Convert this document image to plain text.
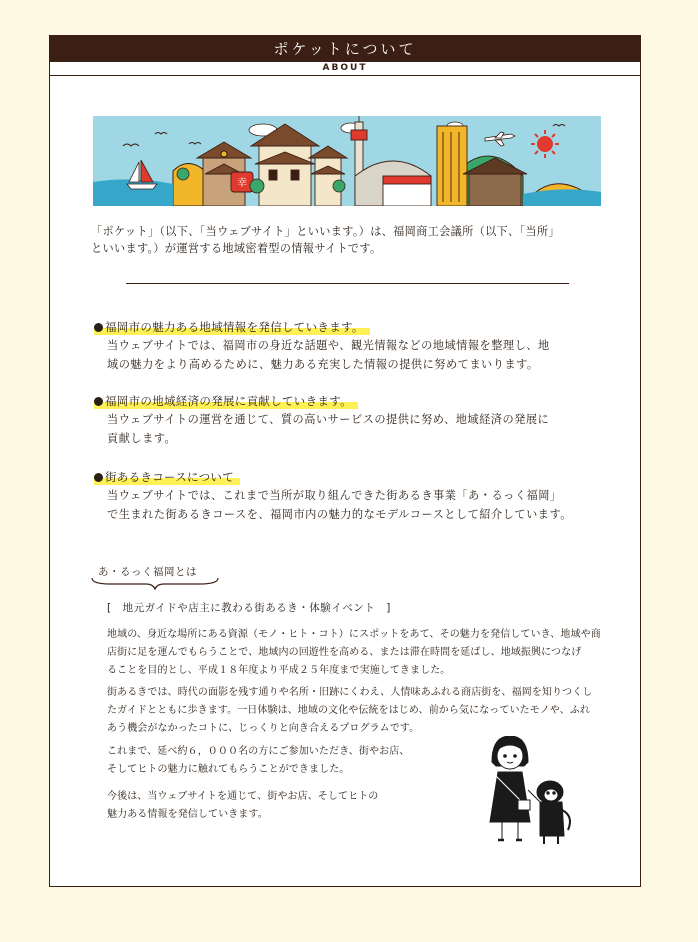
ポケットについて
ABOUT
幸
「ポケット」（以下、「当ウェブサイト」といいます。）は、福岡商工会議所（以下、「当所」
といいます。）が運営する地域密着型の情報サイトです。
福岡市の魅力ある地域情報を発信していきます。
当ウェブサイトでは、福岡市の身近な話題や、観光情報などの地域情報を整理し、地
域の魅力をより高めるために、魅力ある充実した情報の提供に努めてまいります。
福岡市の地域経済の発展に貢献していきます。
当ウェブサイトの運営を通じて、質の高いサービスの提供に努め、地域経済の発展に
貢献します。
街あるきコースについて
当ウェブサイトでは、これまで当所が取り組んできた街あるき事業「あ・るっく福岡」
で生まれた街あるきコースを、福岡市内の魅力的なモデルコースとして紹介しています。
あ・るっく福岡とは
[　地元ガイドや店主に教わる街あるき・体験イベント　]
地域の、身近な場所にある資源（モノ・ヒト・コト）にスポットをあて、その魅力を発信していき、地域や商
店街に足を運んでもらうことで、地域内の回遊性を高める、または滞在時間を延ばし、地域振興につなげ
ることを目的とし、平成１８年度より平成２５年度まで実施してきました。
街あるきでは、時代の面影を残す通りや名所・旧跡にくわえ、人情味あふれる商店街を、福岡を知りつくし
たガイドとともに歩きます。一日体験は、地域の文化や伝統をはじめ、前から気になっていたモノや、ふれ
あう機会がなかったコトに、じっくりと向き合えるプログラムです。
これまで、延べ約６，０００名の方にご参加いただき、街やお店、
そしてヒトの魅力に触れてもらうことができました。
今後は、当ウェブサイトを通じて、街やお店、そしてヒトの
魅力ある情報を発信していきます。
